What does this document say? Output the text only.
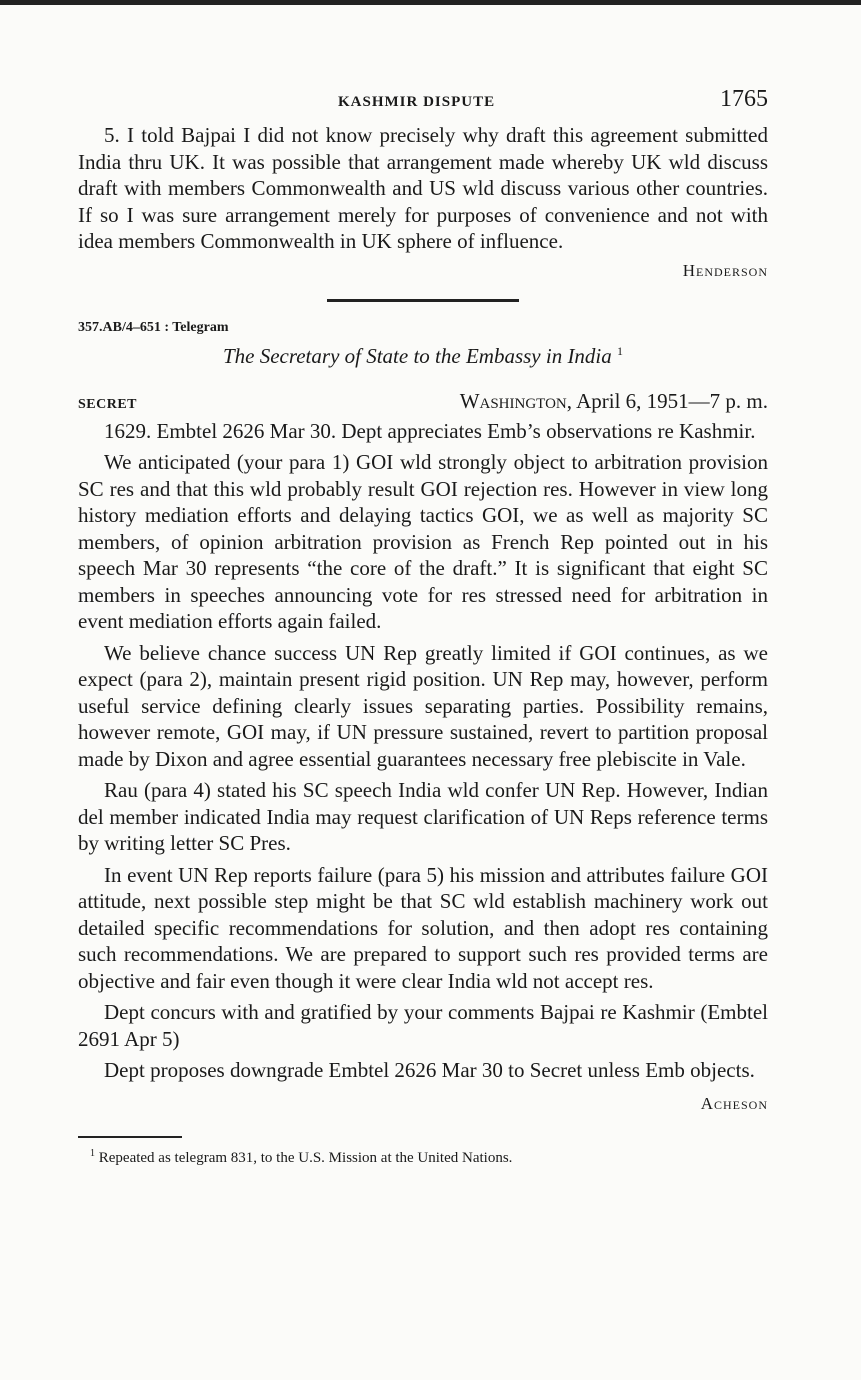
KASHMIR DISPUTE	1765

5. I told Bajpai I did not know precisely why draft this agreement submitted India thru UK. It was possible that arrangement made whereby UK wld discuss draft with members Commonwealth and US wld discuss various other countries. If so I was sure arrangement merely for purposes of convenience and not with idea members Commonwealth in UK sphere of influence.

Henderson
357.AB/4–651 : Telegram
The Secretary of State to the Embassy in India $^1$
SECRET	Washington, April 6, 1951—7 p. m.

1629. Embtel 2626 Mar 30. Dept appreciates Emb’s observations re Kashmir.

We anticipated (your para 1) GOI wld strongly object to arbitration provision SC res and that this wld probably result GOI rejection res. However in view long history mediation efforts and delaying tactics GOI, we as well as majority SC members, of opinion arbitration provision as French Rep pointed out in his speech Mar 30 represents “the core of the draft.” It is significant that eight SC members in speeches announcing vote for res stressed need for arbitration in event mediation efforts again failed.

We believe chance success UN Rep greatly limited if GOI continues, as we expect (para 2), maintain present rigid position. UN Rep may, however, perform useful service defining clearly issues separating parties. Possibility remains, however remote, GOI may, if UN pressure sustained, revert to partition proposal made by Dixon and agree essential guarantees necessary free plebiscite in Vale.

Rau (para 4) stated his SC speech India wld confer UN Rep. However, Indian del member indicated India may request clarification of UN Reps reference terms by writing letter SC Pres.

In event UN Rep reports failure (para 5) his mission and attributes failure GOI attitude, next possible step might be that SC wld establish machinery work out detailed specific recommendations for solution, and then adopt res containing such recommendations. We are prepared to support such res provided terms are objective and fair even though it were clear India wld not accept res.

Dept concurs with and gratified by your comments Bajpai re Kashmir (Embtel 2691 Apr 5)

Dept proposes downgrade Embtel 2626 Mar 30 to Secret unless Emb objects.

Acheson
$^1$ Repeated as telegram 831, to the U.S. Mission at the United Nations.
